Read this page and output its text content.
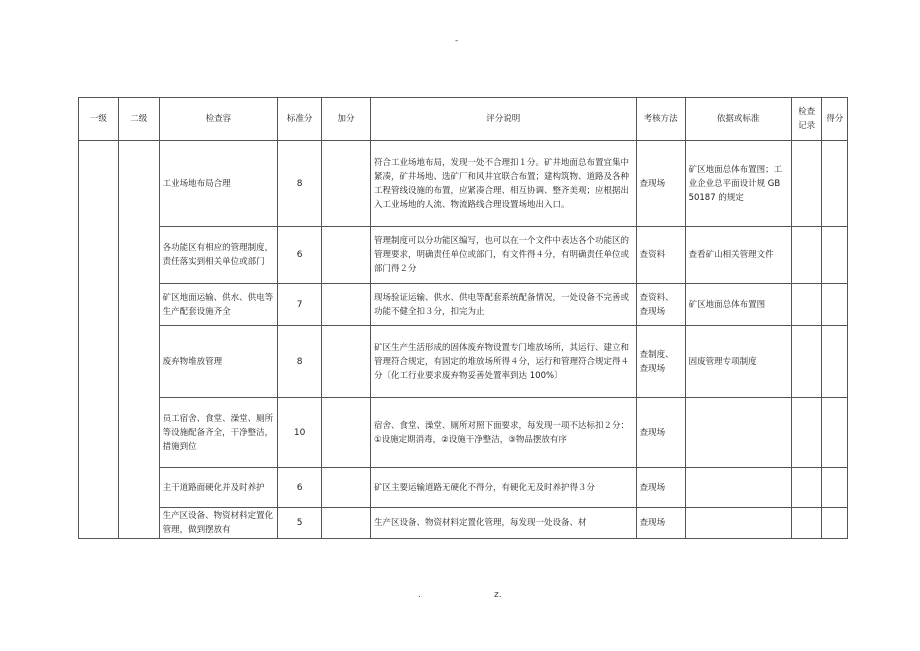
-
一级	二级	检查容	标准分	加分	评分说明	考核方法	依据或标准	检查记录	得分
		工业场地布局合理	8		符合工业场地布局，发现一处不合理扣１分。矿井地面总布置宜集中紧凑，矿井场地、选矿厂和风井宜联合布置；建构筑物、道路及各种工程管线设施的布置，应紧凑合理、相互协调、整齐美观；应根据出入工业场地的人流、物流路线合理设置场地出入口。	查现场	矿区地面总体布置图；工业企业总平面设计规 GB 50187 的规定		
		各功能区有相应的管理制度，责任落实到相关单位或部门	6		管理制度可以分功能区编写，也可以在一个文件中表达各个功能区的管理要求，明确责任单位或部门，有文件得４分，有明确责任单位或部门得２分	查资料	查看矿山相关管理文件		
		矿区地面运输、供水、供电等生产配套设施齐全	7		现场验证运输、供水、供电等配套系统配备情况，一处设备不完善或功能不健全扣３分，扣完为止	查资料、查现场	矿区地面总体布置图		
		废弃物堆放管理	8		矿区生产生活形成的固体废弃物设置专门堆放场所，其运行、建立和管理符合规定，有固定的堆放场所得４分，运行和管理符合规定得４分〔化工行业要求废弃物妥善处置率到达 100%〕	查制度、查现场	固废管理专项制度		
		员工宿舍、食堂、澡堂、厕所等设施配备齐全，干净整洁，措施到位	10		宿舍、食堂、澡堂、厕所对照下面要求，每发现一项不达标扣２分：①设施定期消毒，②设施干净整洁，③物品摆放有序	查现场			
		主干道路面硬化并及时养护	6		矿区主要运输道路无硬化不得分，有硬化无及时养护得３分	查现场			
		生产区设备、物资材料定置化管理，做到摆放有	5		生产区设备、物资材料定置化管理，每发现一处设备、材	查现场			
.	z.
